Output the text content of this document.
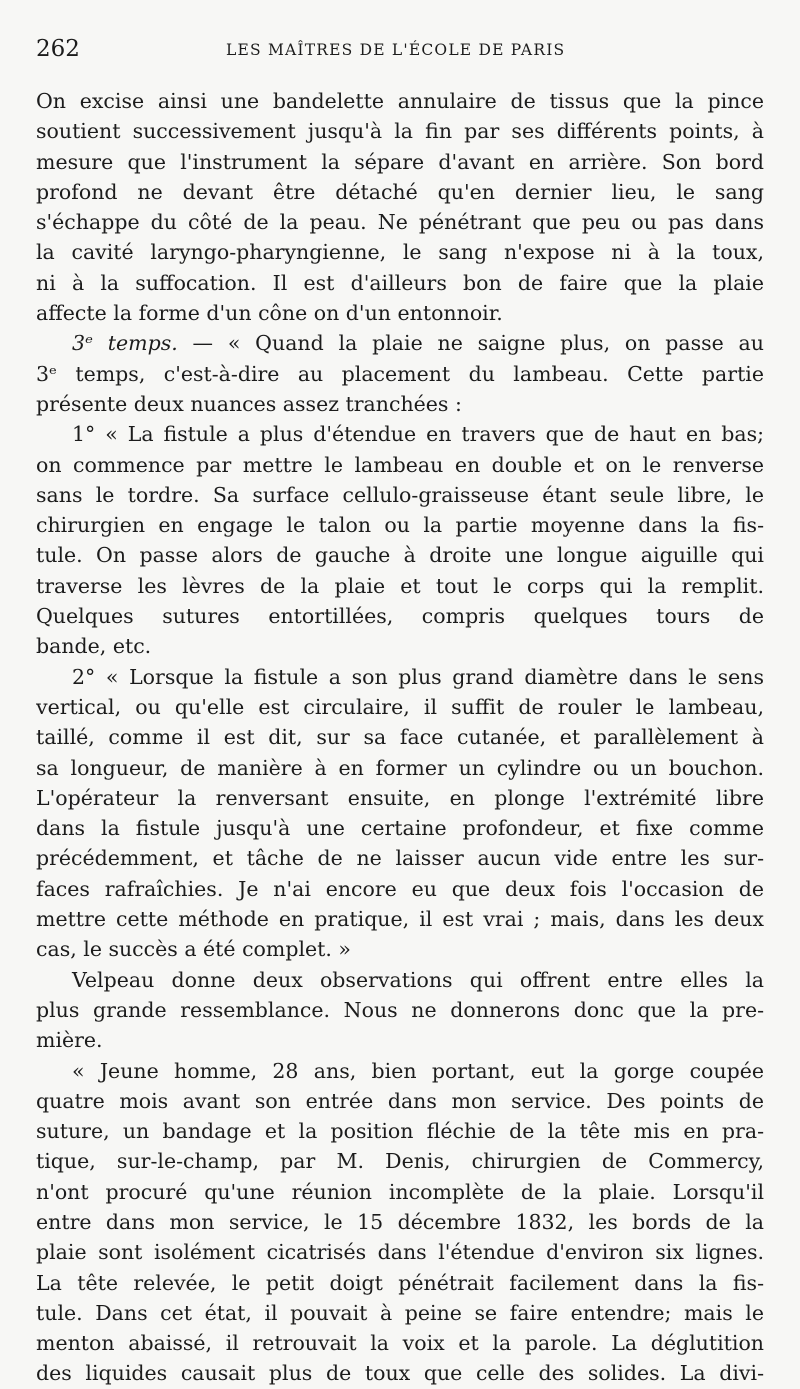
262	LES MAÎTRES DE L'ÉCOLE DE PARIS
On excise ainsi une bandelette annulaire de tissus que la pince
soutient successivement jusqu'à la fin par ses différents points, à
mesure que l'instrument la sépare d'avant en arrière. Son bord
profond ne devant être détaché qu'en dernier lieu, le sang
s'échappe du côté de la peau. Ne pénétrant que peu ou pas dans
la cavité laryngo-pharyngienne, le sang n'expose ni à la toux,
ni à la suffocation. Il est d'ailleurs bon de faire que la plaie
affecte la forme d'un cône on d'un entonnoir.
3ᵉ temps. — « Quand la plaie ne saigne plus, on passe au
3ᵉ temps, c'est-à-dire au placement du lambeau. Cette partie
présente deux nuances assez tranchées :
1° « La fistule a plus d'étendue en travers que de haut en bas;
on commence par mettre le lambeau en double et on le renverse
sans le tordre. Sa surface cellulo-graisseuse étant seule libre, le
chirurgien en engage le talon ou la partie moyenne dans la fis-
tule. On passe alors de gauche à droite une longue aiguille qui
traverse les lèvres de la plaie et tout le corps qui la remplit.
Quelques sutures entortillées, compris quelques tours de
bande, etc.
2° « Lorsque la fistule a son plus grand diamètre dans le sens
vertical, ou qu'elle est circulaire, il suffit de rouler le lambeau,
taillé, comme il est dit, sur sa face cutanée, et parallèlement à
sa longueur, de manière à en former un cylindre ou un bouchon.
L'opérateur la renversant ensuite, en plonge l'extrémité libre
dans la fistule jusqu'à une certaine profondeur, et fixe comme
précédemment, et tâche de ne laisser aucun vide entre les sur-
faces rafraîchies. Je n'ai encore eu que deux fois l'occasion de
mettre cette méthode en pratique, il est vrai ; mais, dans les deux
cas, le succès a été complet. »
Velpeau donne deux observations qui offrent entre elles la
plus grande ressemblance. Nous ne donnerons donc que la pre-
mière.
« Jeune homme, 28 ans, bien portant, eut la gorge coupée
quatre mois avant son entrée dans mon service. Des points de
suture, un bandage et la position fléchie de la tête mis en pra-
tique, sur-le-champ, par M. Denis, chirurgien de Commercy,
n'ont procuré qu'une réunion incomplète de la plaie. Lorsqu'il
entre dans mon service, le 15 décembre 1832, les bords de la
plaie sont isolément cicatrisés dans l'étendue d'environ six lignes.
La tête relevée, le petit doigt pénétrait facilement dans la fis-
tule. Dans cet état, il pouvait à peine se faire entendre; mais le
menton abaissé, il retrouvait la voix et la parole. La déglutition
des liquides causait plus de toux que celle des solides. La divi-
